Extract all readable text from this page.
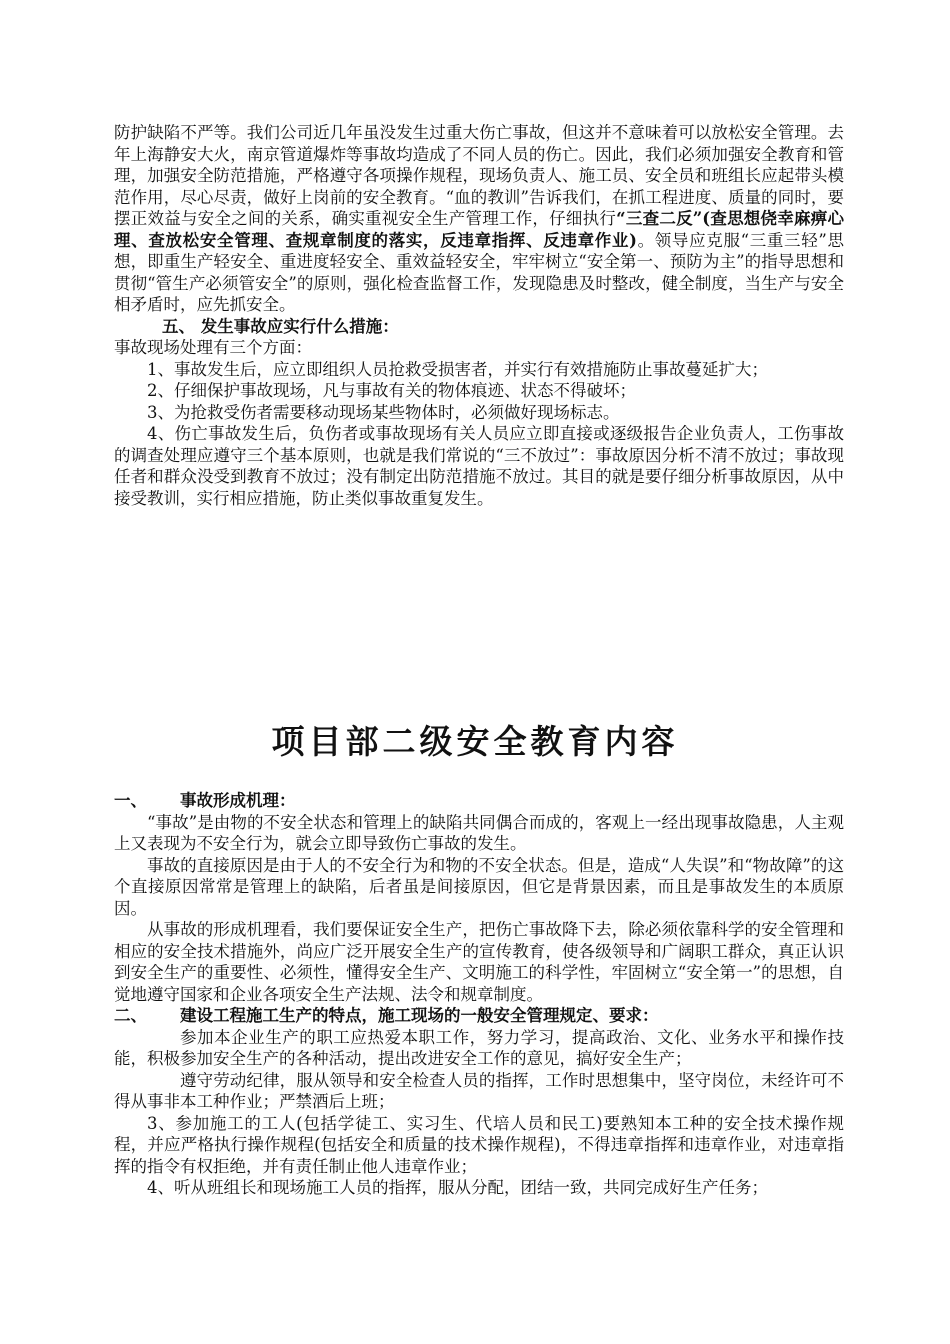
防护缺陷不严等。我们公司近几年虽没发生过重大伤亡事故，但这并不意味着可以放松安全管理。去年上海静安大火，南京管道爆炸等事故均造成了不同人员的伤亡。因此，我们必须加强安全教育和管理，加强安全防范措施，严格遵守各项操作规程，现场负责人、施工员、安全员和班组长应起带头模范作用，尽心尽责，做好上岗前的安全教育。“血的教训”告诉我们，在抓工程进度、质量的同时，要摆正效益与安全之间的关系，确实重视安全生产管理工作，仔细执行“三查二反”(查思想侥幸麻痹心理、查放松安全管理、查规章制度的落实，反违章指挥、反违章作业)。领导应克服“三重三轻”思想，即重生产轻安全、重进度轻安全、重效益轻安全，牢牢树立“安全第一、预防为主”的指导思想和贯彻“管生产必须管安全”的原则，强化检查监督工作，发现隐患及时整改，健全制度，当生产与安全相矛盾时，应先抓安全。

五、 发生事故应实行什么措施：

事故现场处理有三个方面：

1、事故发生后，应立即组织人员抢救受损害者，并实行有效措施防止事故蔓延扩大；

2、仔细保护事故现场，凡与事故有关的物体痕迹、状态不得破坏；

3、为抢救受伤者需要移动现场某些物体时，必须做好现场标志。

4、伤亡事故发生后，负伤者或事故现场有关人员应立即直接或逐级报告企业负责人，工伤事故的调查处理应遵守三个基本原则，也就是我们常说的“三不放过”：事故原因分析不清不放过；事故现任者和群众没受到教育不放过；没有制定出防范措施不放过。其目的就是要仔细分析事故原因，从中接受教训，实行相应措施，防止类似事故重复发生。

项目部二级安全教育内容

一、 事故形成机理：

“事故”是由物的不安全状态和管理上的缺陷共同偶合而成的，客观上一经出现事故隐患，人主观上又表现为不安全行为，就会立即导致伤亡事故的发生。

事故的直接原因是由于人的不安全行为和物的不安全状态。但是，造成“人失误”和“物故障”的这个直接原因常常是管理上的缺陷，后者虽是间接原因，但它是背景因素，而且是事故发生的本质原因。

从事故的形成机理看，我们要保证安全生产，把伤亡事故降下去，除必须依靠科学的安全管理和相应的安全技术措施外，尚应广泛开展安全生产的宣传教育，使各级领导和广阔职工群众，真正认识到安全生产的重要性、必须性，懂得安全生产、文明施工的科学性，牢固树立“安全第一”的思想，自觉地遵守国家和企业各项安全生产法规、法令和规章制度。

二、 建设工程施工生产的特点，施工现场的一般安全管理规定、要求：

参加本企业生产的职工应热爱本职工作，努力学习，提高政治、文化、业务水平和操作技能，积极参加安全生产的各种活动，提出改进安全工作的意见，搞好安全生产；

遵守劳动纪律，服从领导和安全检查人员的指挥，工作时思想集中，坚守岗位，未经许可不得从事非本工种作业；严禁酒后上班；

3、参加施工的工人(包括学徒工、实习生、代培人员和民工)要熟知本工种的安全技术操作规程，并应严格执行操作规程(包括安全和质量的技术操作规程)，不得违章指挥和违章作业，对违章指挥的指令有权拒绝，并有责任制止他人违章作业；

4、听从班组长和现场施工人员的指挥，服从分配，团结一致，共同完成好生产任务；
